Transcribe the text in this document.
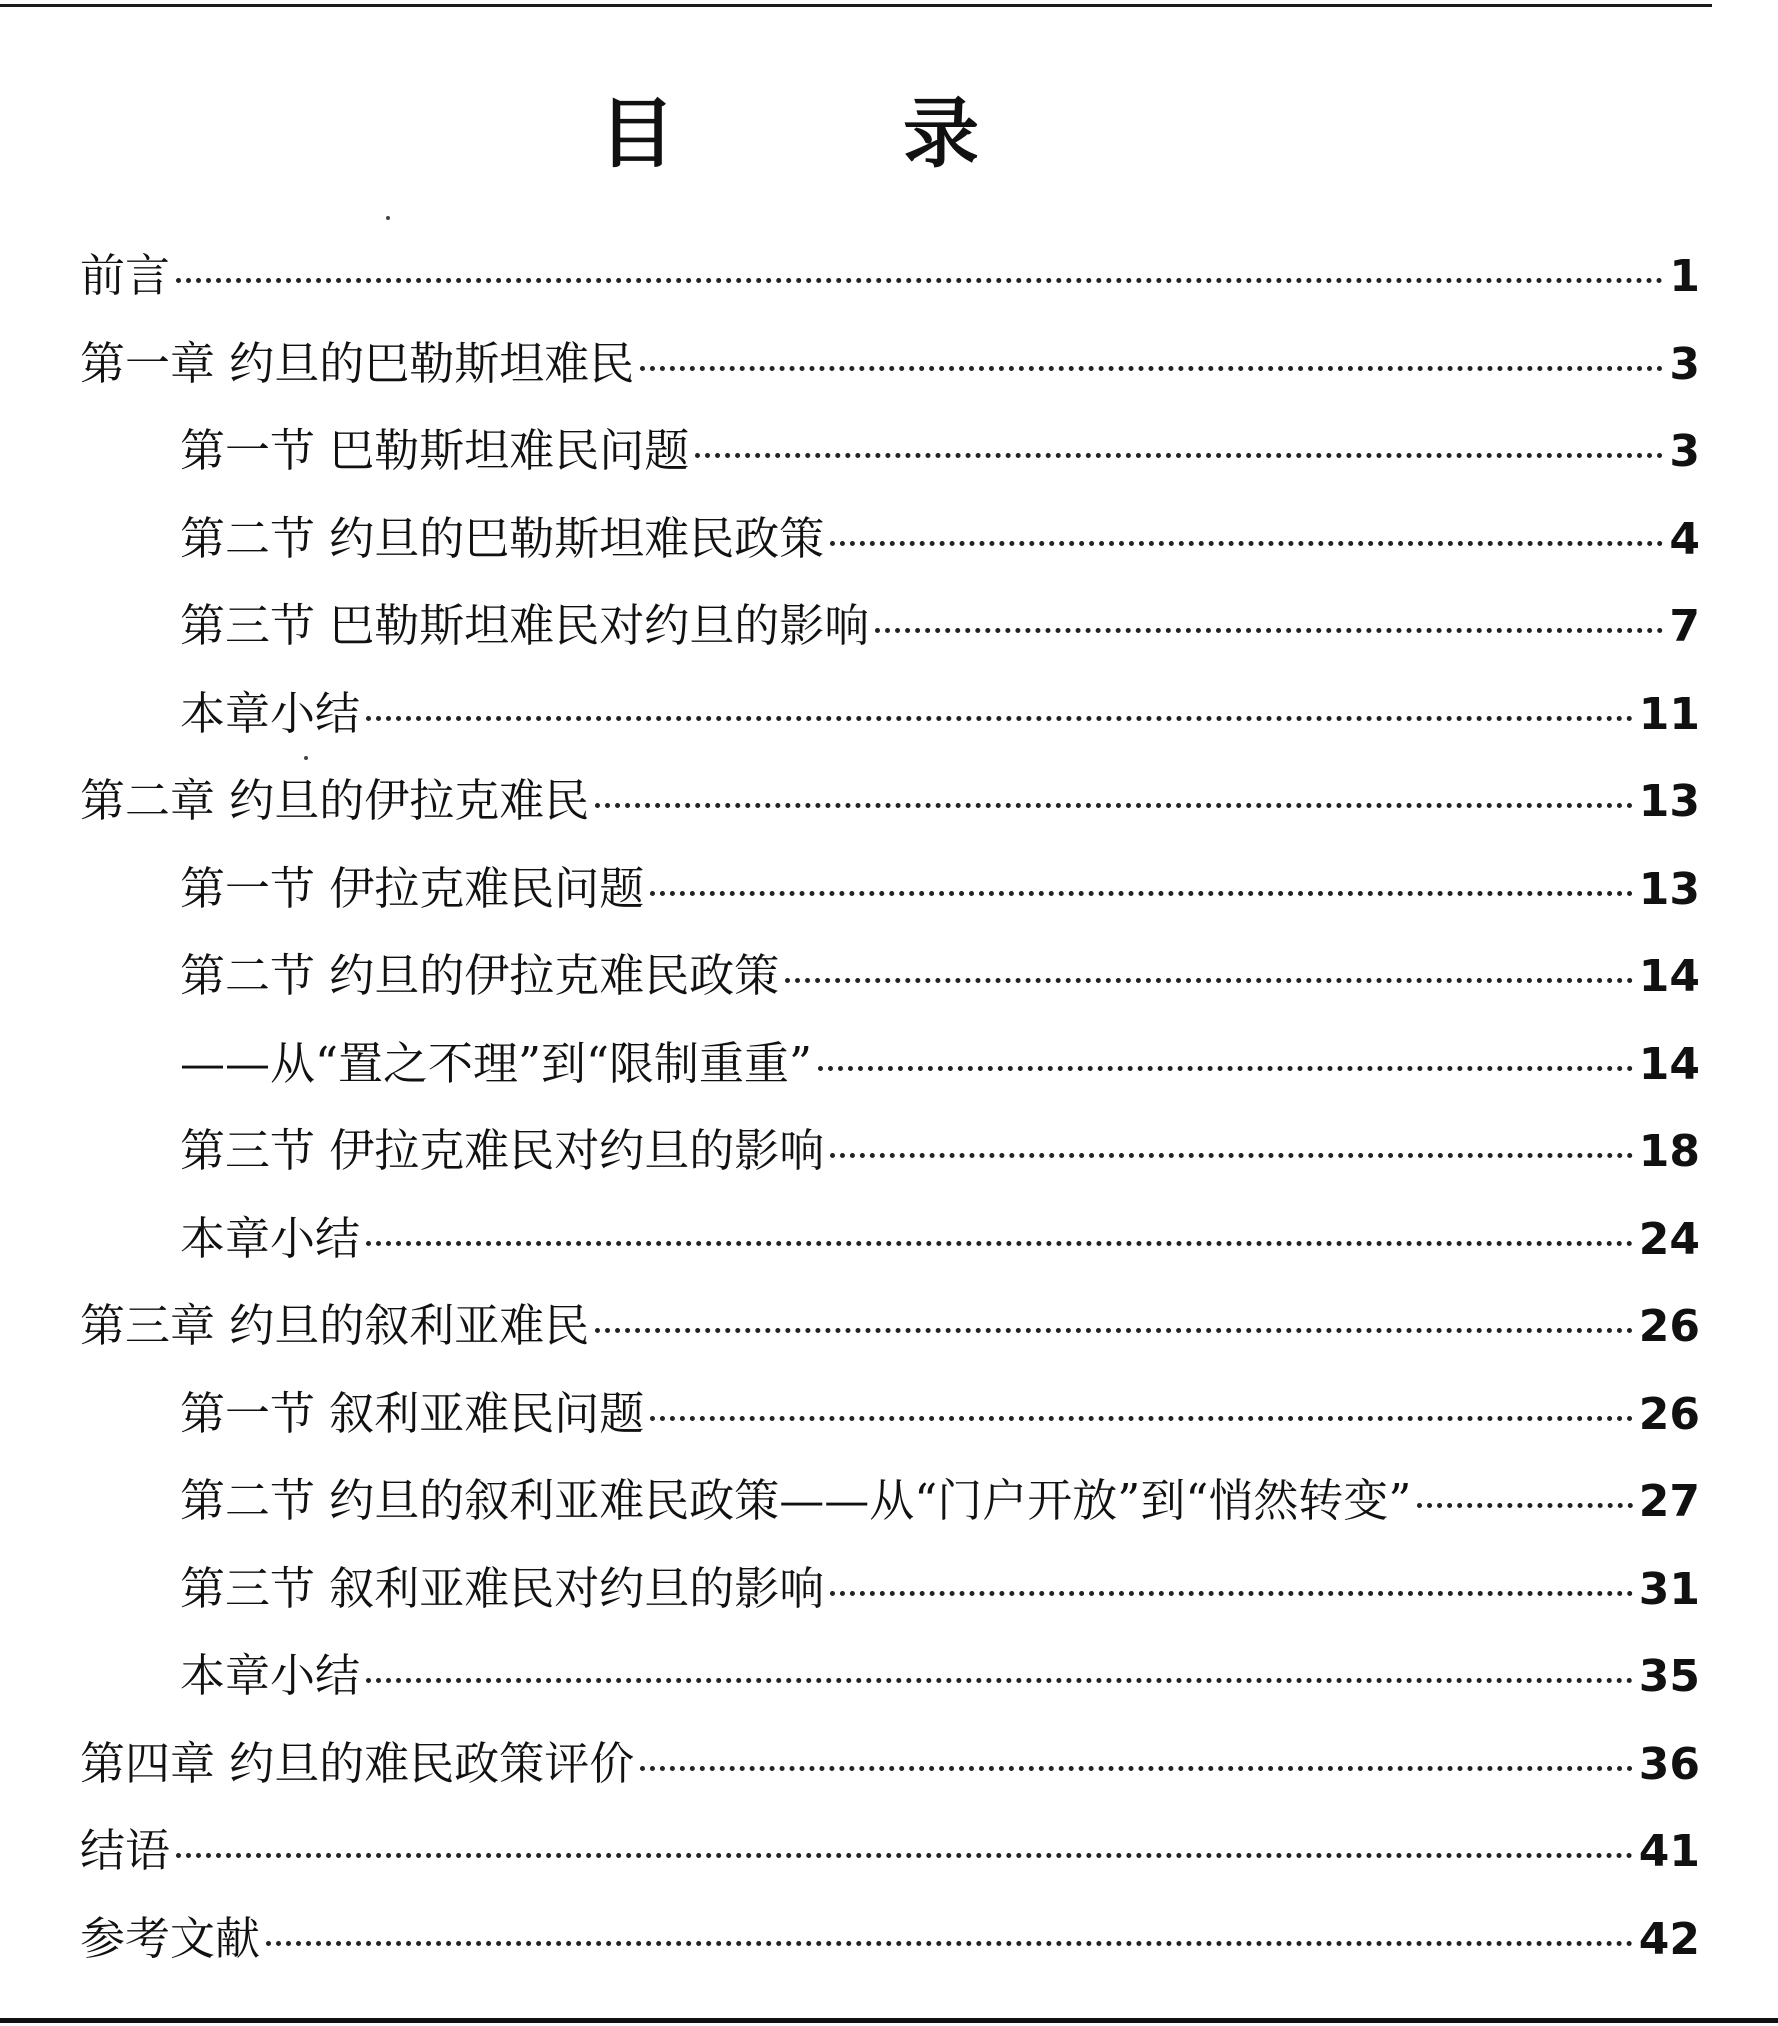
目　录
前言	1
第一章 约旦的巴勒斯坦难民	3
第一节 巴勒斯坦难民问题	3
第二节 约旦的巴勒斯坦难民政策	4
第三节 巴勒斯坦难民对约旦的影响	7
本章小结	11
第二章 约旦的伊拉克难民	13
第一节 伊拉克难民问题	13
第二节 约旦的伊拉克难民政策	14
——从“置之不理”到“限制重重”	14
第三节 伊拉克难民对约旦的影响	18
本章小结	24
第三章 约旦的叙利亚难民	26
第一节 叙利亚难民问题	26
第二节 约旦的叙利亚难民政策——从“门户开放”到“悄然转变”	27
第三节 叙利亚难民对约旦的影响	31
本章小结	35
第四章 约旦的难民政策评价	36
结语	41
参考文献	42
